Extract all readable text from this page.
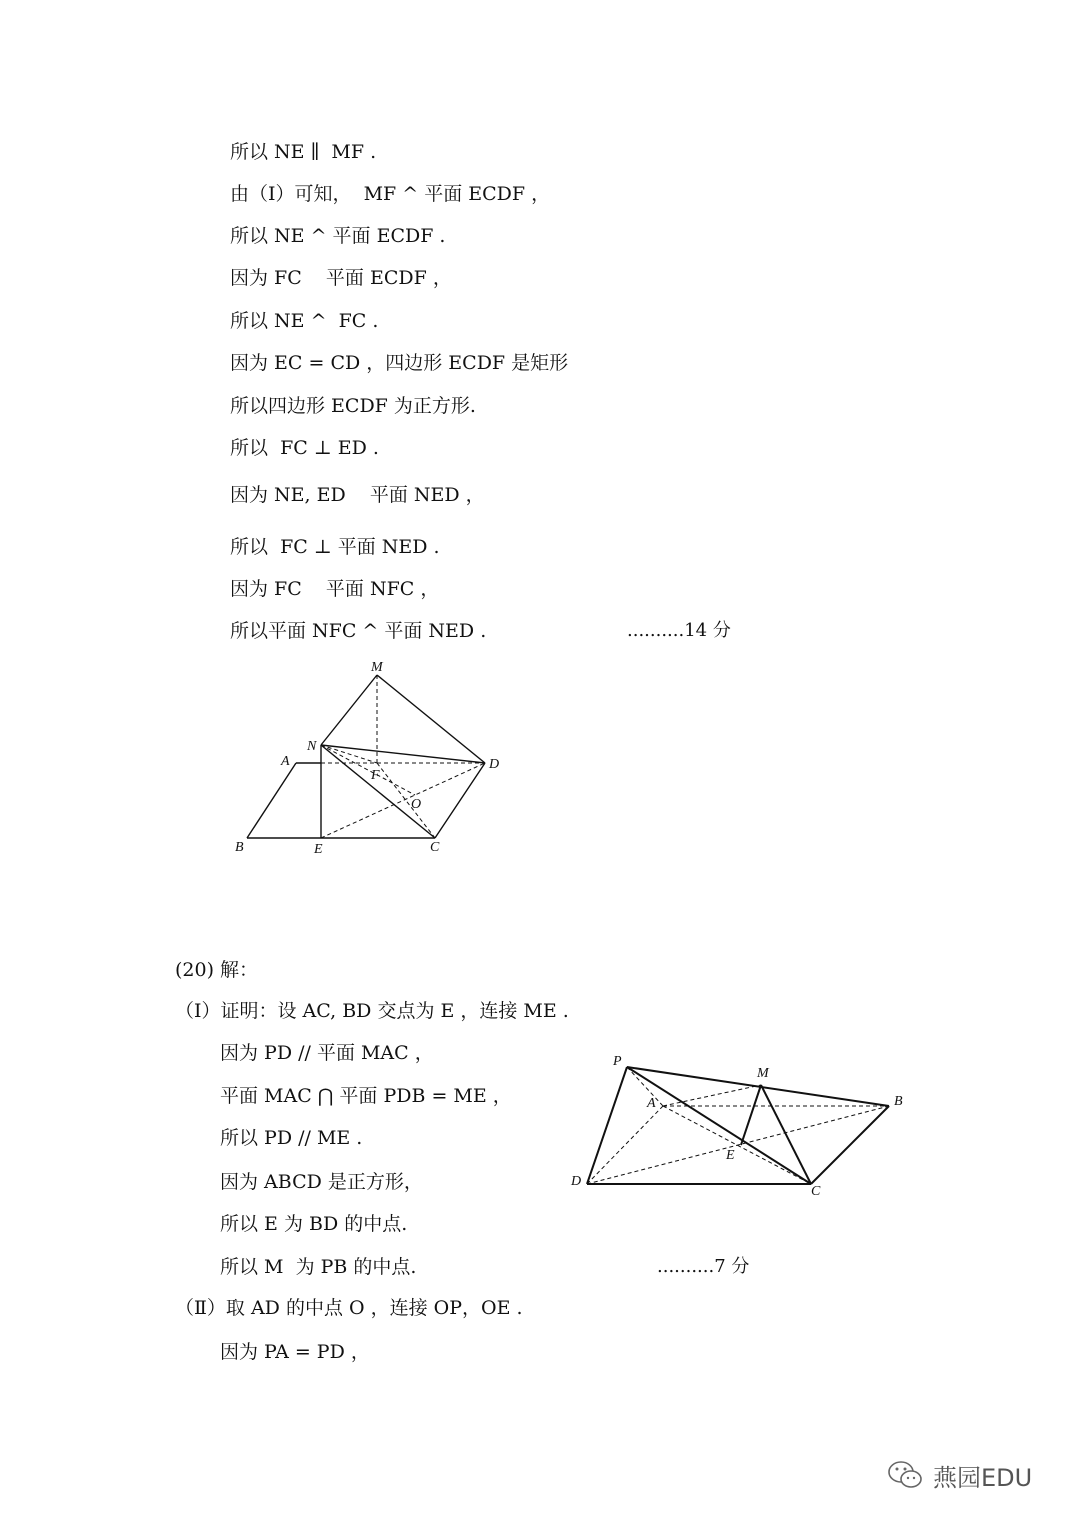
所以 NE ∥  MF .
由（Ⅰ）可知，  MF ^ 平面 ECDF ，
所以 NE ^ 平面 ECDF .
因为 FC    平面 ECDF ，
所以 NE ^  FC .
因为 EC = CD ，四边形 ECDF 是矩形
所以四边形 ECDF 为正方形.
所以  FC ⊥ ED .
因为 NE, ED    平面 NED ，
所以  FC ⊥ 平面 NED .
因为 FC    平面 NFC ，
所以平面 NFC ^ 平面 NED .	..........14 分
M
N
A
F
D
O
B	E	C
(20) 解：
（Ⅰ）证明：设 AC, BD 交点为 E ，连接 ME .
因为 PD // 平面 MAC ，
平面 MAC ⋂ 平面 PDB = ME ，
所以 PD // ME .
因为 ABCD 是正方形，
所以 E 为 BD 的中点.
所以 M  为 PB 的中点.	..........7 分
（Ⅱ）取 AD 的中点 O ，连接 OP，OE .
因为 PA = PD ，
P
M
A	B
E
D
C
燕园EDU
